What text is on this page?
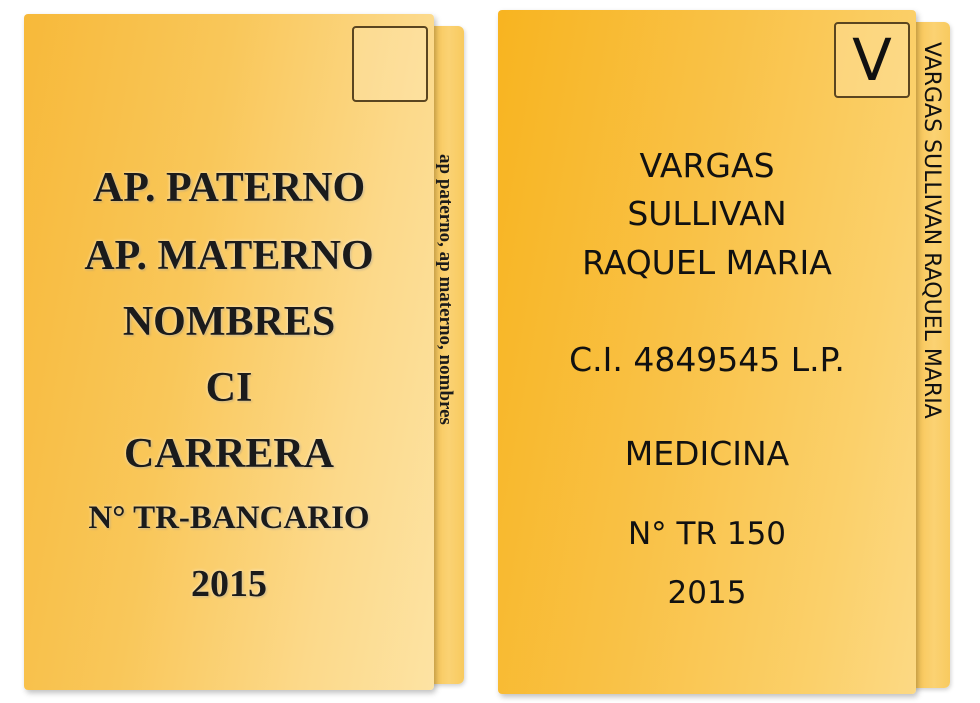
AP. PATERNO
AP. MATERNO
NOMBRES
CI
CARRERA
N° TR-BANCARIO
2015
ap paterno, ap materno, nombres
V
VARGAS
SULLIVAN
RAQUEL MARIA
C.I. 4849545 L.P.
MEDICINA
N° TR 150
2015
VARGAS SULLIVAN RAQUEL MARIA
